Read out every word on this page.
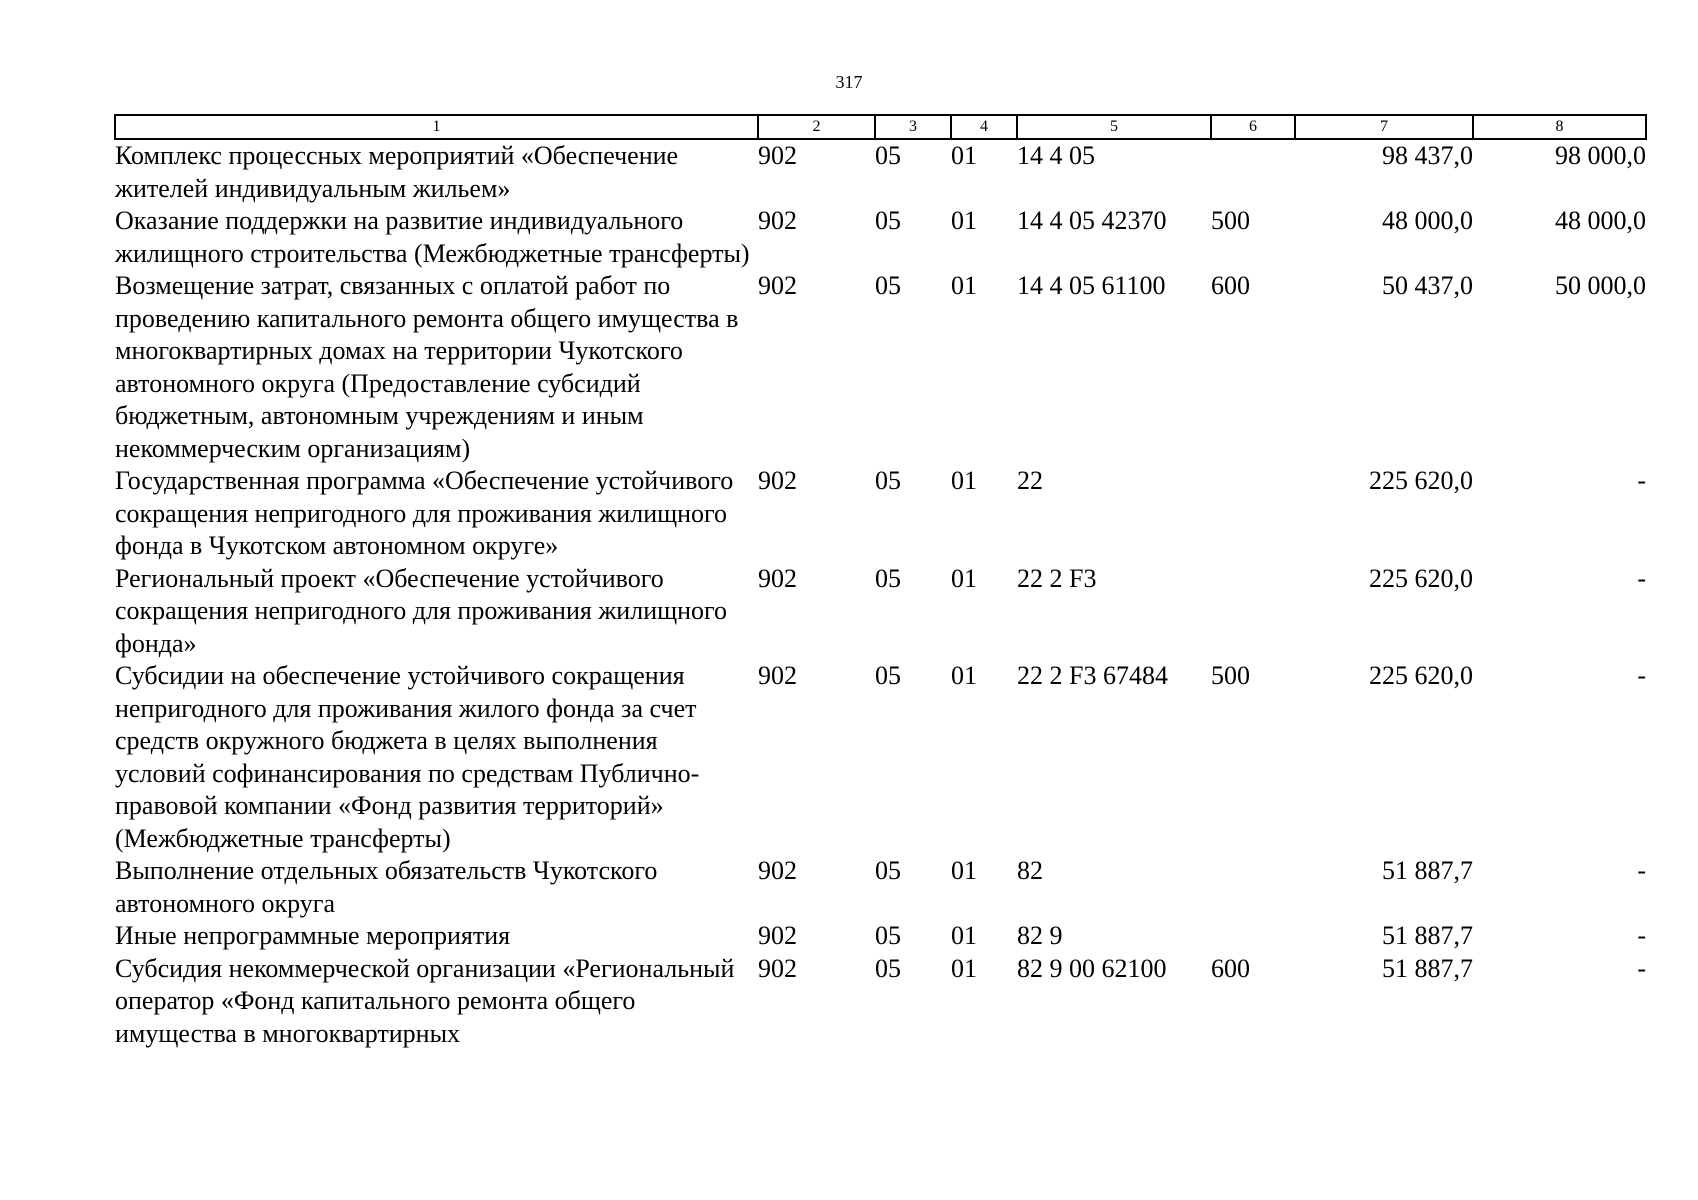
317
1	2	3	4	5	6	7	8
Комплекс процессных мероприятий «Обеспечение жителей индивидуальным жильем»	902	05	01	14 4 05		98 437,0	98 000,0
Оказание поддержки на развитие индивидуального жилищного строительства (Межбюджетные трансферты)	902	05	01	14 4 05 42370	500	48 000,0	48 000,0
Возмещение затрат, связанных с оплатой работ по проведению капитального ремонта общего имущества в многоквартирных домах на территории Чукотского автономного округа (Предоставление субсидий бюджетным, автономным учреждениям и иным некоммерческим организациям)	902	05	01	14 4 05 61100	600	50 437,0	50 000,0
Государственная программа «Обеспечение устойчивого сокращения непригодного для проживания жилищного фонда в Чукотском автономном округе»	902	05	01	22		225 620,0	-
Региональный проект «Обеспечение устойчивого сокращения непригодного для проживания жилищного фонда»	902	05	01	22 2 F3		225 620,0	-
Субсидии на обеспечение устойчивого сокращения непригодного для проживания жилого фонда за счет средств окружного бюджета в целях выполнения условий софинансирования по средствам Публично-правовой компании «Фонд развития территорий» (Межбюджетные трансферты)	902	05	01	22 2 F3 67484	500	225 620,0	-
Выполнение отдельных обязательств Чукотского автономного округа	902	05	01	82		51 887,7	-
Иные непрограммные мероприятия	902	05	01	82 9		51 887,7	-
Субсидия некоммерческой организации «Региональный оператор «Фонд капитального ремонта общего имущества в многоквартирных	902	05	01	82 9 00 62100	600	51 887,7	-
